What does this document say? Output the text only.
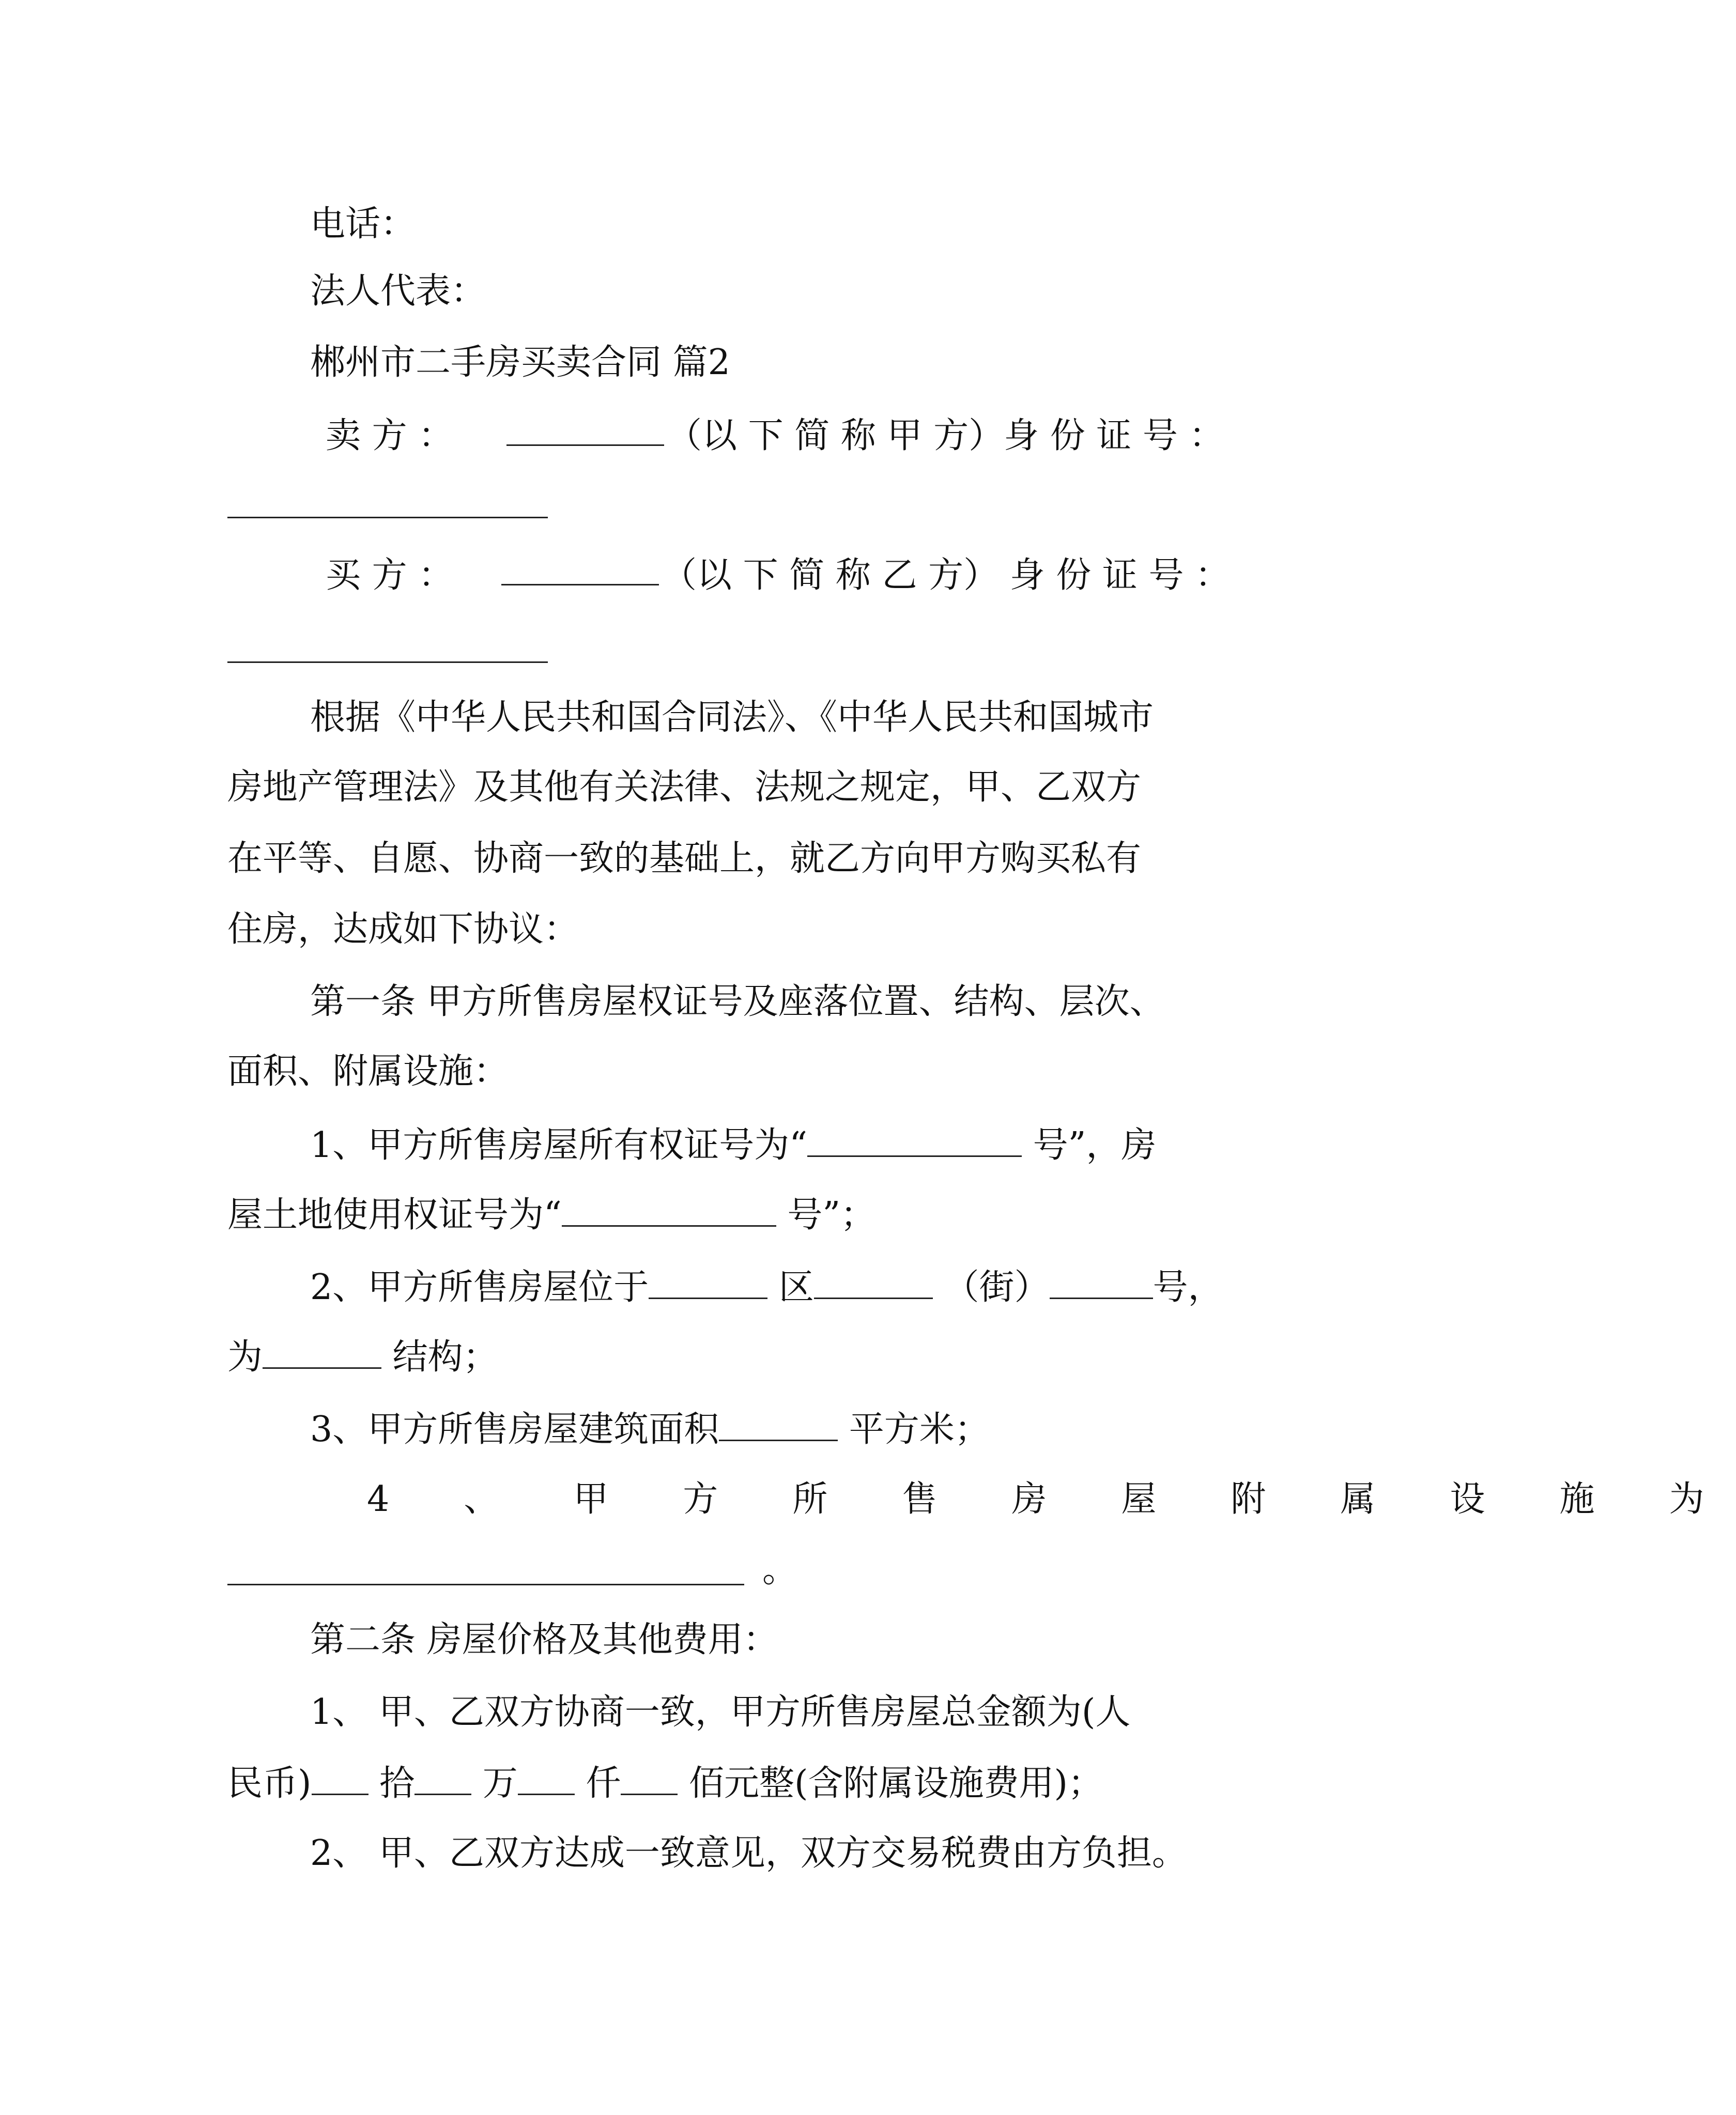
电话：
法人代表：
郴州市二手房买卖合同 篇2
卖 方 ：	（以 下 简 称 甲 方）身 份 证 号 ：
买 方 ：	（以 下 简 称 乙 方） 身 份 证 号 ：
根据《中华人民共和国合同法》、《中华人民共和国城市
房地产管理法》及其他有关法律、法规之规定，甲、乙双方
在平等、自愿、协商一致的基础上，就乙方向甲方购买私有
住房，达成如下协议：
第一条 甲方所售房屋权证号及座落位置、结构、层次、
面积、附属设施：
1、甲方所售房屋所有权证号为“	号”，房
屋土地使用权证号为“	号”；
2、甲方所售房屋位于	区	（街）	号，
为	结构；
3、甲方所售房屋建筑面积	平方米；
4 、 甲 方 所 售 房 屋 附 属 设 施 为
。
第二条 房屋价格及其他费用：
1、 甲、乙双方协商一致，甲方所售房屋总金额为(人
民币) 拾 万 仟 佰元整(含附属设施费用)；
2、 甲、乙双方达成一致意见，双方交易税费由方负担。
